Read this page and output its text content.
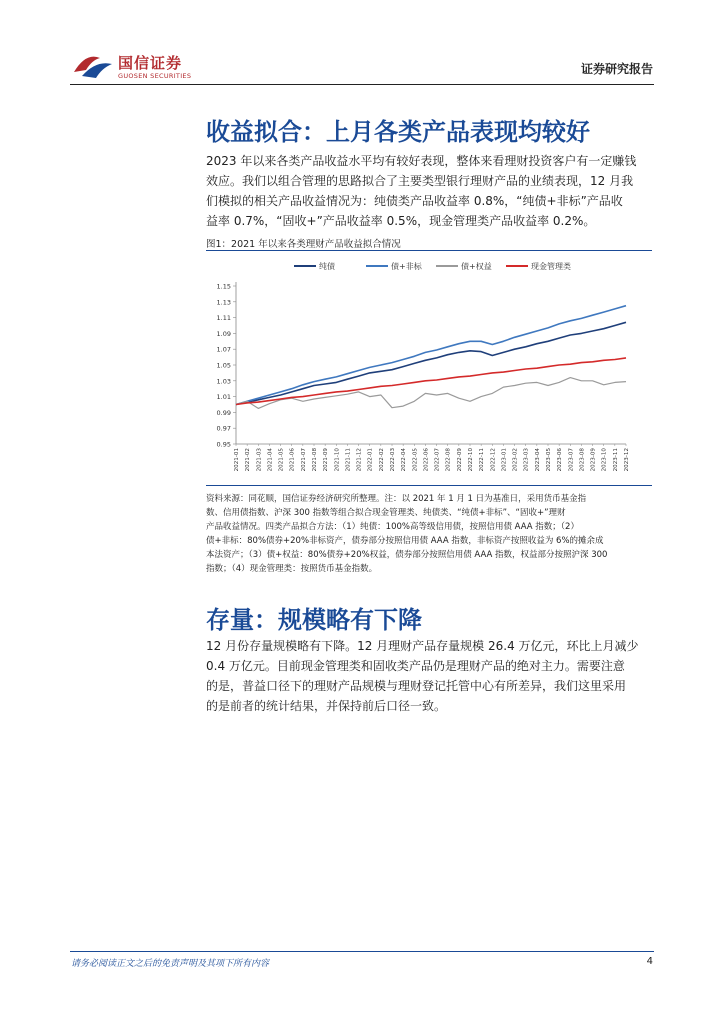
国信证券
GUOSEN SECURITIES	证券研究报告
收益拟合：上月各类产品表现均较好
2023 年以来各类产品收益水平均有较好表现，整体来看理财投资客户有一定赚钱
效应。我们以组合管理的思路拟合了主要类型银行理财产品的业绩表现，12 月我
们模拟的相关产品收益情况为：纯债类产品收益率 0.8%，“纯债+非标”产品收
益率 0.7%，“固收+”产品收益率 0.5%，现金管理类产品收益率 0.2%。
图1：2021 年以来各类理财产品收益拟合情况
纯债	债+非标	债+权益	现金管理类
1.15
1.13
1.11
1.09
1.07
1.05
1.03
1.01
0.99
0.97
0.95
2021-01 2021-02 2021-03 2021-04 2021-05 2021-06 2021-07 2021-08 2021-09 2021-10 2021-11 2021-12 2022-01 2022-02 2022-03 2022-04 2022-05 2022-06 2022-07 2022-08 2022-09 2022-10 2022-11 2022-12 2023-01 2023-02 2023-03 2023-04 2023-05 2023-06 2023-07 2023-08 2023-09 2023-10 2023-11 2023-12
资料来源：同花顺，国信证券经济研究所整理。注：以 2021 年 1 月 1 日为基准日，采用货币基金指
数、信用债指数、沪深 300 指数等组合拟合现金管理类、纯债类、“纯债+非标”、“固收+”理财
产品收益情况。四类产品拟合方法：（1）纯债：100%高等级信用债，按照信用债 AAA 指数；（2）
债+非标：80%债券+20%非标资产，债券部分按照信用债 AAA 指数，非标资产按照收益为 6%的摊余成
本法资产；（3）债+权益：80%债券+20%权益，债券部分按照信用债 AAA 指数，权益部分按照沪深 300
指数；（4）现金管理类：按照货币基金指数。
存量：规模略有下降
12 月份存量规模略有下降。12 月理财产品存量规模 26.4 万亿元，环比上月减少
0.4 万亿元。目前现金管理类和固收类产品仍是理财产品的绝对主力。需要注意
的是，普益口径下的理财产品规模与理财登记托管中心有所差异，我们这里采用
的是前者的统计结果，并保持前后口径一致。
请务必阅读正文之后的免责声明及其项下所有内容	4
